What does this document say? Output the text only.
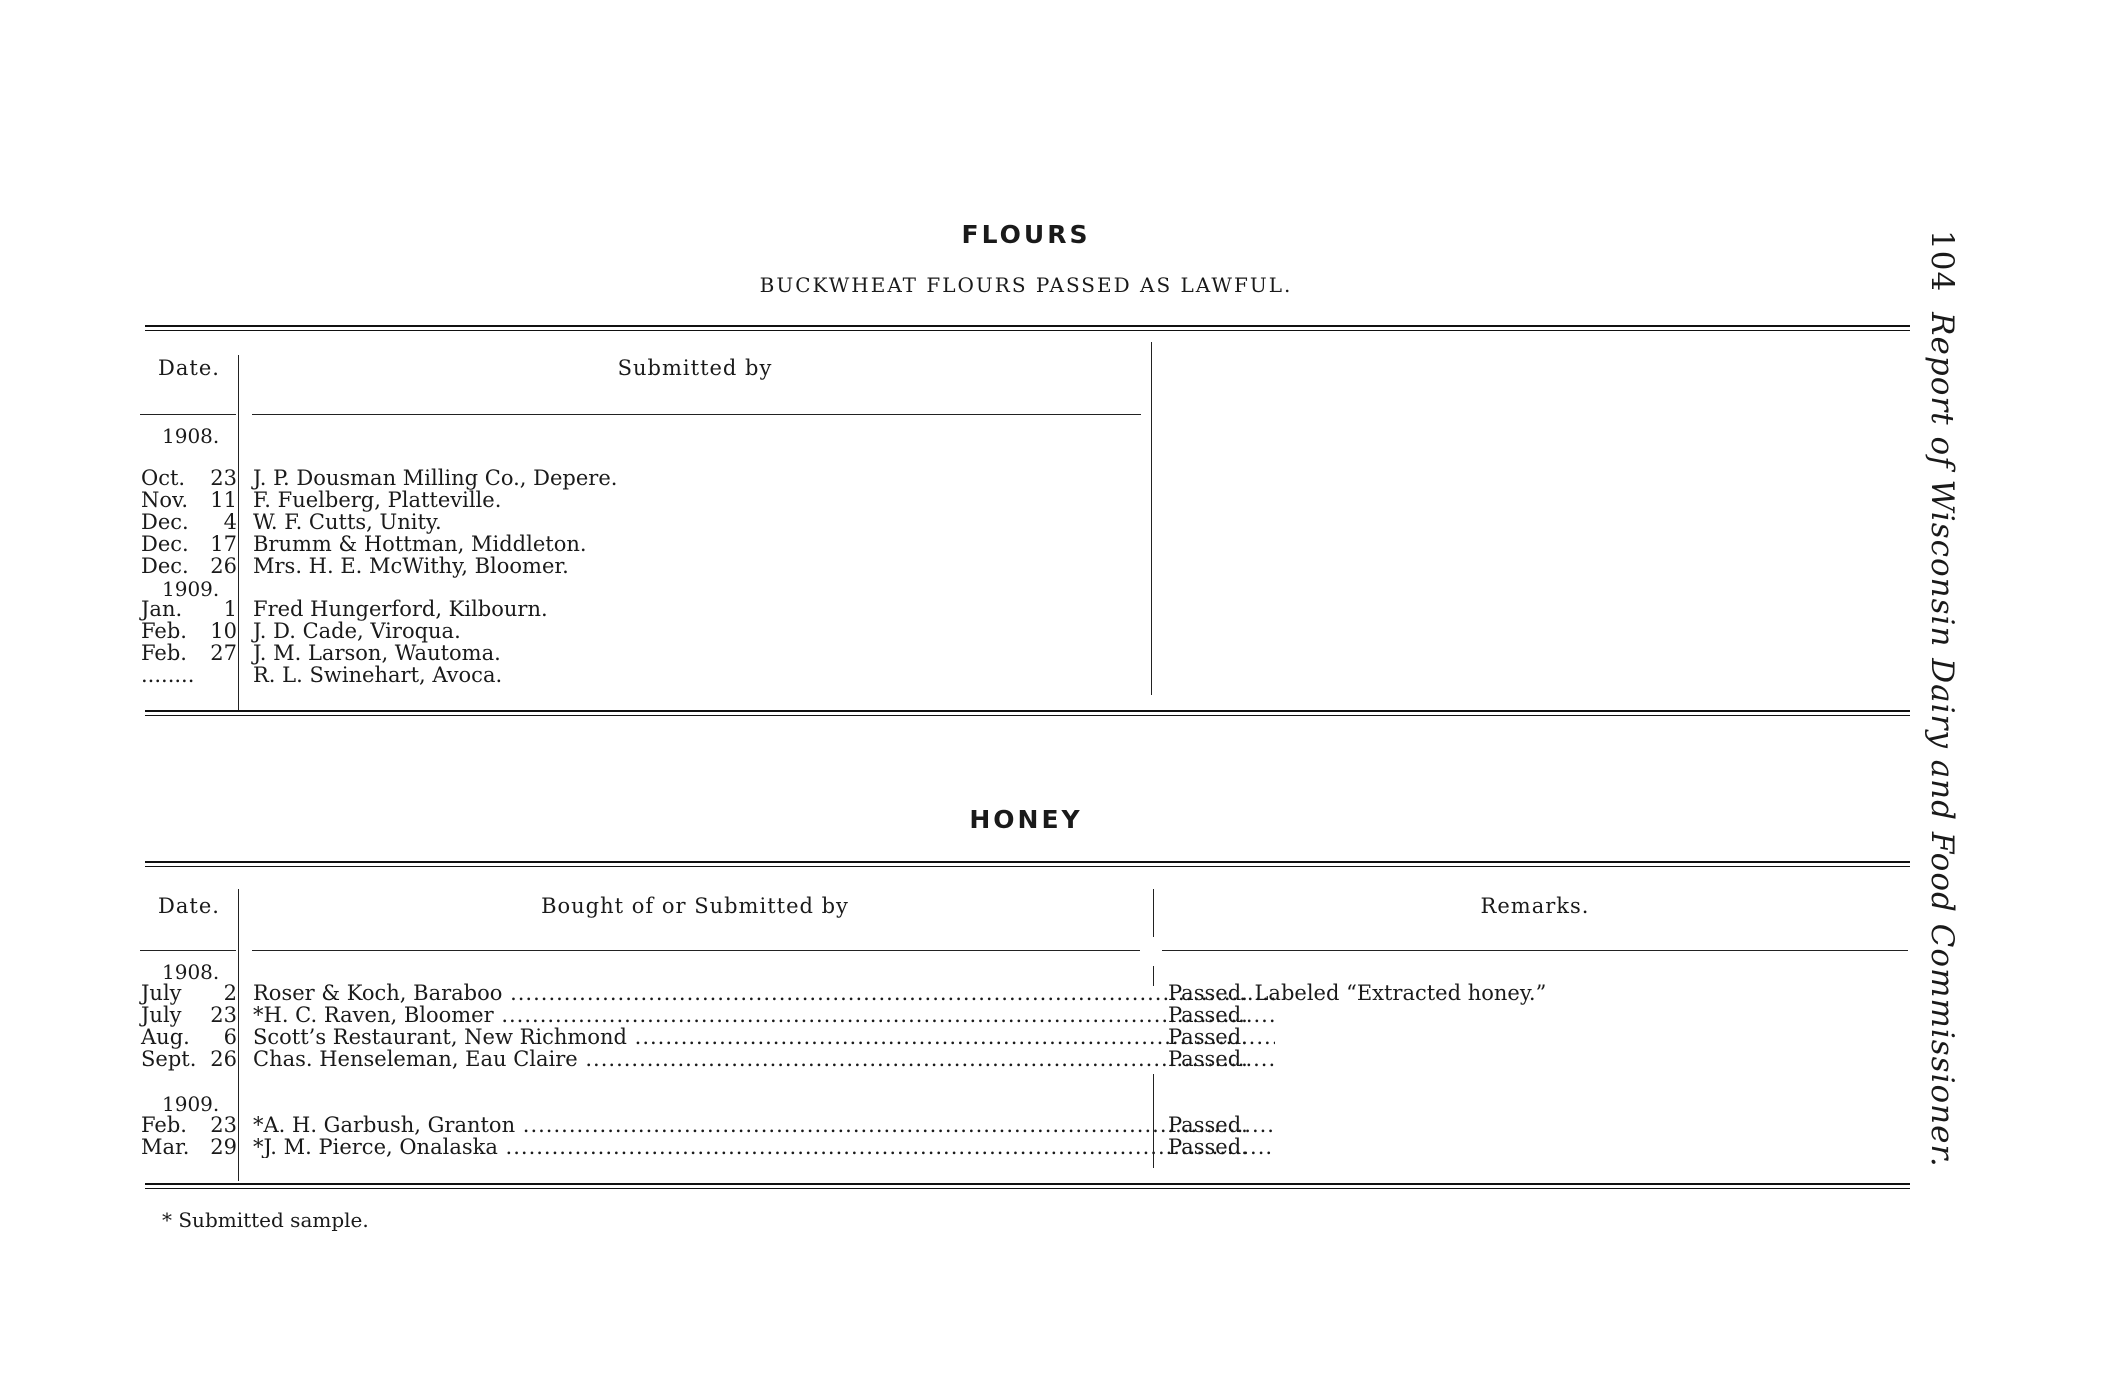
104Report of Wisconsin Dairy and Food Commissioner.
FLOURS
BUCKWHEAT FLOURS PASSED AS LAWFUL.
Date.	Submitted by
1908.
Oct.	23 J. P. Dousman Milling Co., Depere.
Nov.	11 F. Fuelberg, Platteville.
Dec.	4 W. F. Cutts, Unity.
Dec.	17 Brumm & Hottman, Middleton.
Dec.	26 Mrs. H. E. McWithy, Bloomer.
1909.
Jan.	1 Fred Hungerford, Kilbourn.
Feb.	10 J. D. Cade, Viroqua.
Feb.	27 J. M. Larson, Wautoma.
........	R. L. Swinehart, Avoca.
HONEY
Date.	Bought of or Submitted by	Remarks.
1908.
July	2 Roser & Koch, Baraboo .....	Passed. Labeled “Extracted honey.”
July	23 *H. C. Raven, Bloomer .....	Passed.
Aug.	6 Scott’s Restaurant, New Richmond .....	Passed.
Sept. 26 Chas. Henseleman, Eau Claire .....	Passed.
1909.
Feb.	23 *A. H. Garbush, Granton .....	Passed.
Mar. 29 *J. M. Pierce, Onalaska .....	Passed.
* Submitted sample.
